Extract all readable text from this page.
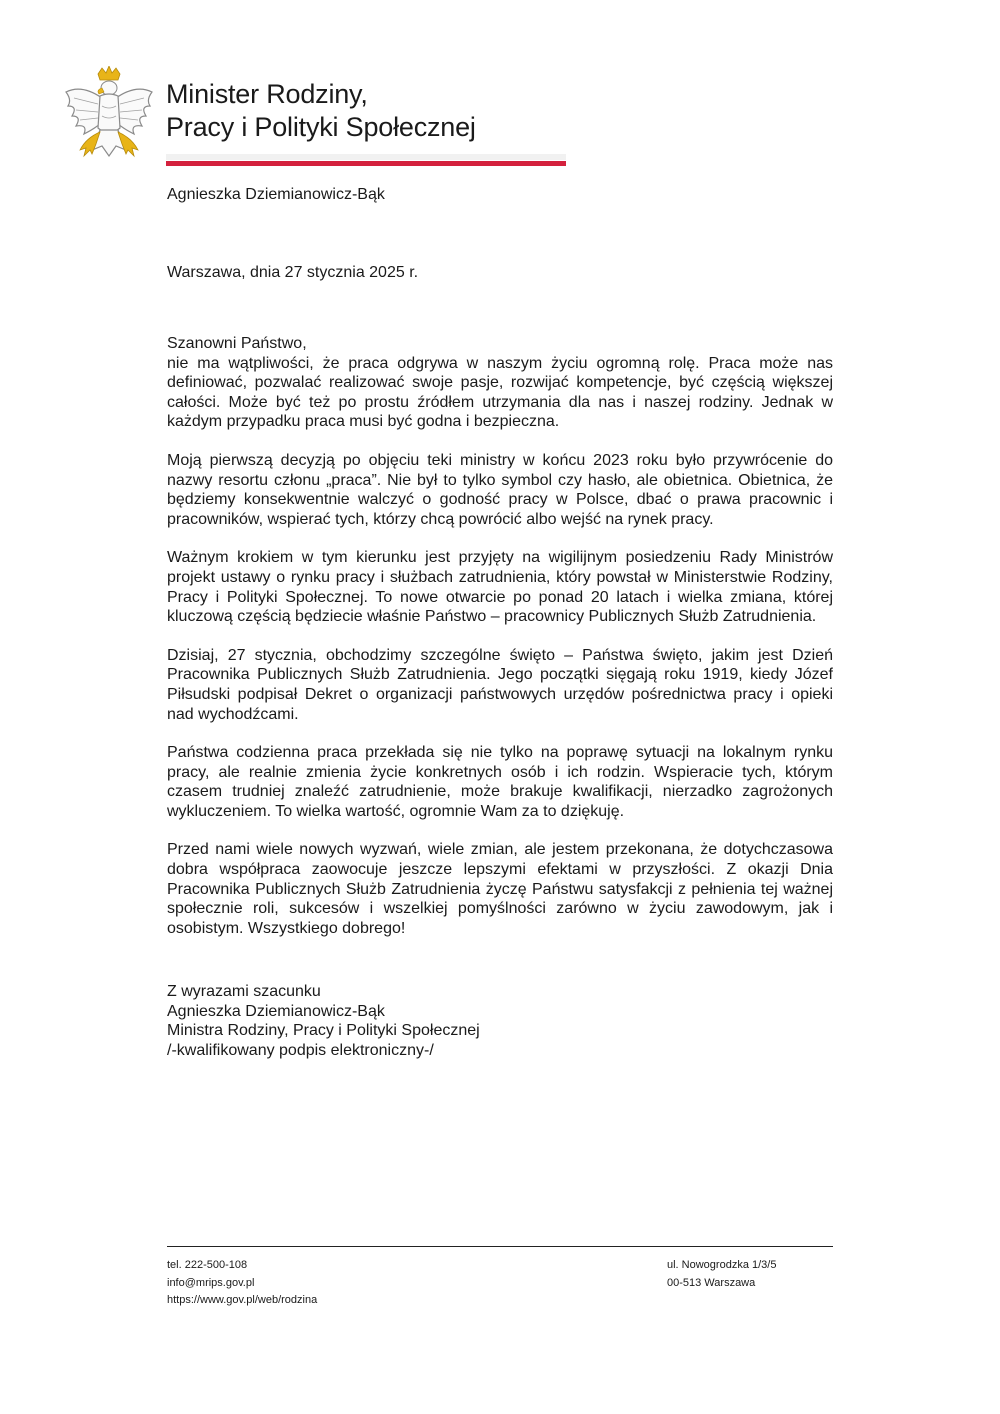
Minister Rodziny,
Pracy i Polityki Społecznej
Agnieszka Dziemianowicz-Bąk
Warszawa, dnia 27 stycznia 2025 r.
Szanowni Państwo,

nie ma wątpliwości, że praca odgrywa w naszym życiu ogromną rolę. Praca może nas definiować, pozwalać realizować swoje pasje, rozwijać kompetencje, być częścią większej całości. Może być też po prostu źródłem utrzymania dla nas i naszej rodziny. Jednak w każdym przypadku praca musi być godna i bezpieczna.

Moją pierwszą decyzją po objęciu teki ministry w końcu 2023 roku było przywrócenie do nazwy resortu członu „praca”. Nie był to tylko symbol czy hasło, ale obietnica. Obietnica, że będziemy konsekwentnie walczyć o godność pracy w Polsce, dbać o prawa pracownic i pracowników, wspierać tych, którzy chcą powrócić albo wejść na rynek pracy.

Ważnym krokiem w tym kierunku jest przyjęty na wigilijnym posiedzeniu Rady Ministrów projekt ustawy o rynku pracy i służbach zatrudnienia, który powstał w Ministerstwie Rodziny, Pracy i Polityki Społecznej. To nowe otwarcie po ponad 20 latach i wielka zmiana, której kluczową częścią będziecie właśnie Państwo – pracownicy Publicznych Służb Zatrudnienia.

Dzisiaj, 27 stycznia, obchodzimy szczególne święto – Państwa święto, jakim jest Dzień Pracownika Publicznych Służb Zatrudnienia. Jego początki sięgają roku 1919, kiedy Józef Piłsudski podpisał Dekret o organizacji państwowych urzędów pośrednictwa pracy i opieki nad wychodźcami.

Państwa codzienna praca przekłada się nie tylko na poprawę sytuacji na lokalnym rynku pracy, ale realnie zmienia życie konkretnych osób i ich rodzin. Wspieracie tych, którym czasem trudniej znaleźć zatrudnienie, może brakuje kwalifikacji, nierzadko zagrożonych wykluczeniem. To wielka wartość, ogromnie Wam za to dziękuję.

Przed nami wiele nowych wyzwań, wiele zmian, ale jestem przekonana, że dotychczasowa dobra współpraca zaowocuje jeszcze lepszymi efektami w przyszłości. Z okazji Dnia Pracownika Publicznych Służb Zatrudnienia życzę Państwu satysfakcji z pełnienia tej ważnej społecznie roli, sukcesów i wszelkiej pomyślności zarówno w życiu zawodowym, jak i osobistym. Wszystkiego dobrego!

Z wyrazami szacunku
Agnieszka Dziemianowicz-Bąk
Ministra Rodziny, Pracy i Polityki Społecznej
/-kwalifikowany podpis elektroniczny-/
tel. 222-500-108
info@mrips.gov.pl
https://www.gov.pl/web/rodzina
ul. Nowogrodzka 1/3/5
00-513 Warszawa
